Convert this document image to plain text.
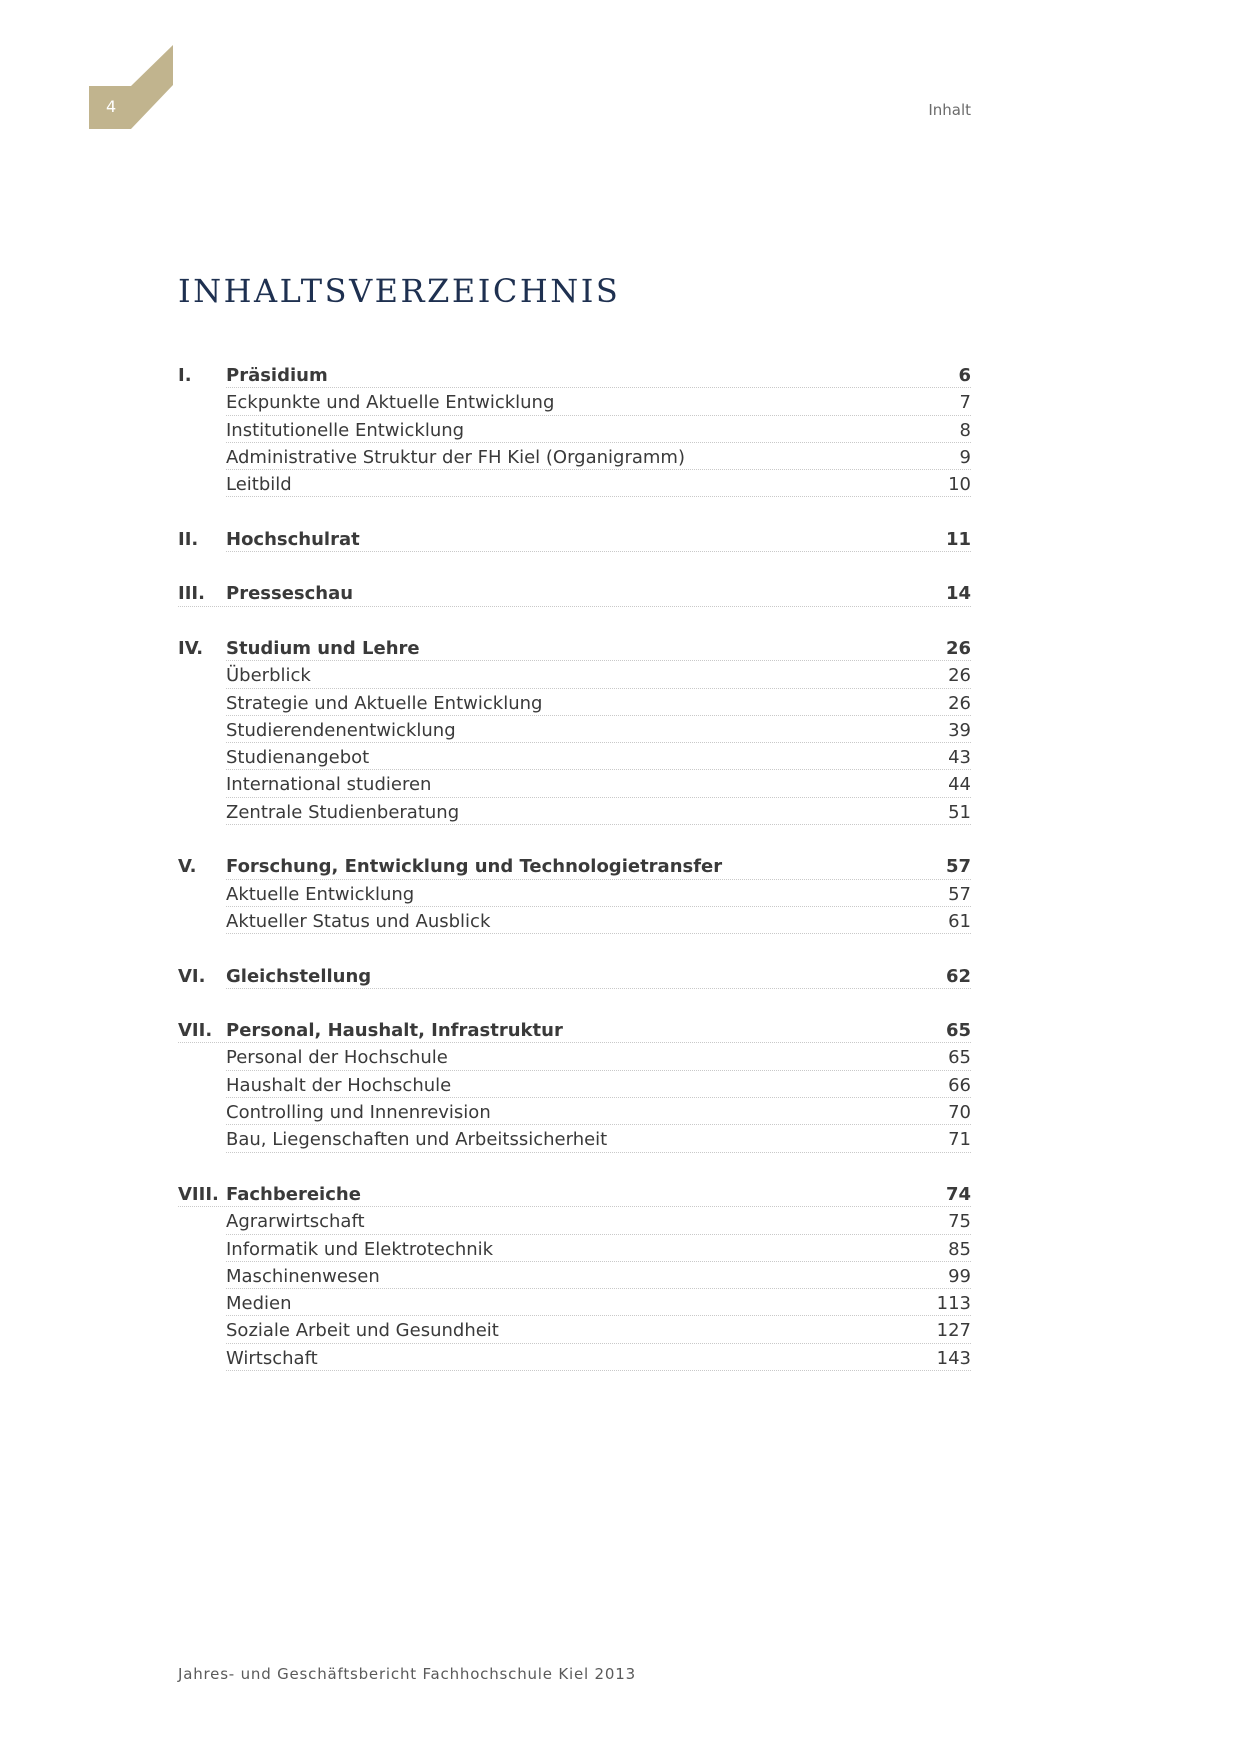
4	Inhalt
INHALTSVERZEICHNIS
I. Präsidium	6
Eckpunkte und Aktuelle Entwicklung	7
Institutionelle Entwicklung	8
Administrative Struktur der FH Kiel (Organigramm)	9
Leitbild	10
II. Hochschulrat	11
III. Presseschau	14
IV. Studium und Lehre	26
Überblick	26
Strategie und Aktuelle Entwicklung	26
Studierendenentwicklung	39
Studienangebot	43
International studieren	44
Zentrale Studienberatung	51
V. Forschung, Entwicklung und Technologietransfer	57
Aktuelle Entwicklung	57
Aktueller Status und Ausblick	61
VI. Gleichstellung	62
VII. Personal, Haushalt, Infrastruktur	65
Personal der Hochschule	65
Haushalt der Hochschule	66
Controlling und Innenrevision	70
Bau, Liegenschaften und Arbeitssicherheit	71
VIII. Fachbereiche	74
Agrarwirtschaft	75
Informatik und Elektrotechnik	85
Maschinenwesen	99
Medien	113
Soziale Arbeit und Gesundheit	127
Wirtschaft	143
Jahres- und Geschäftsbericht Fachhochschule Kiel 2013
